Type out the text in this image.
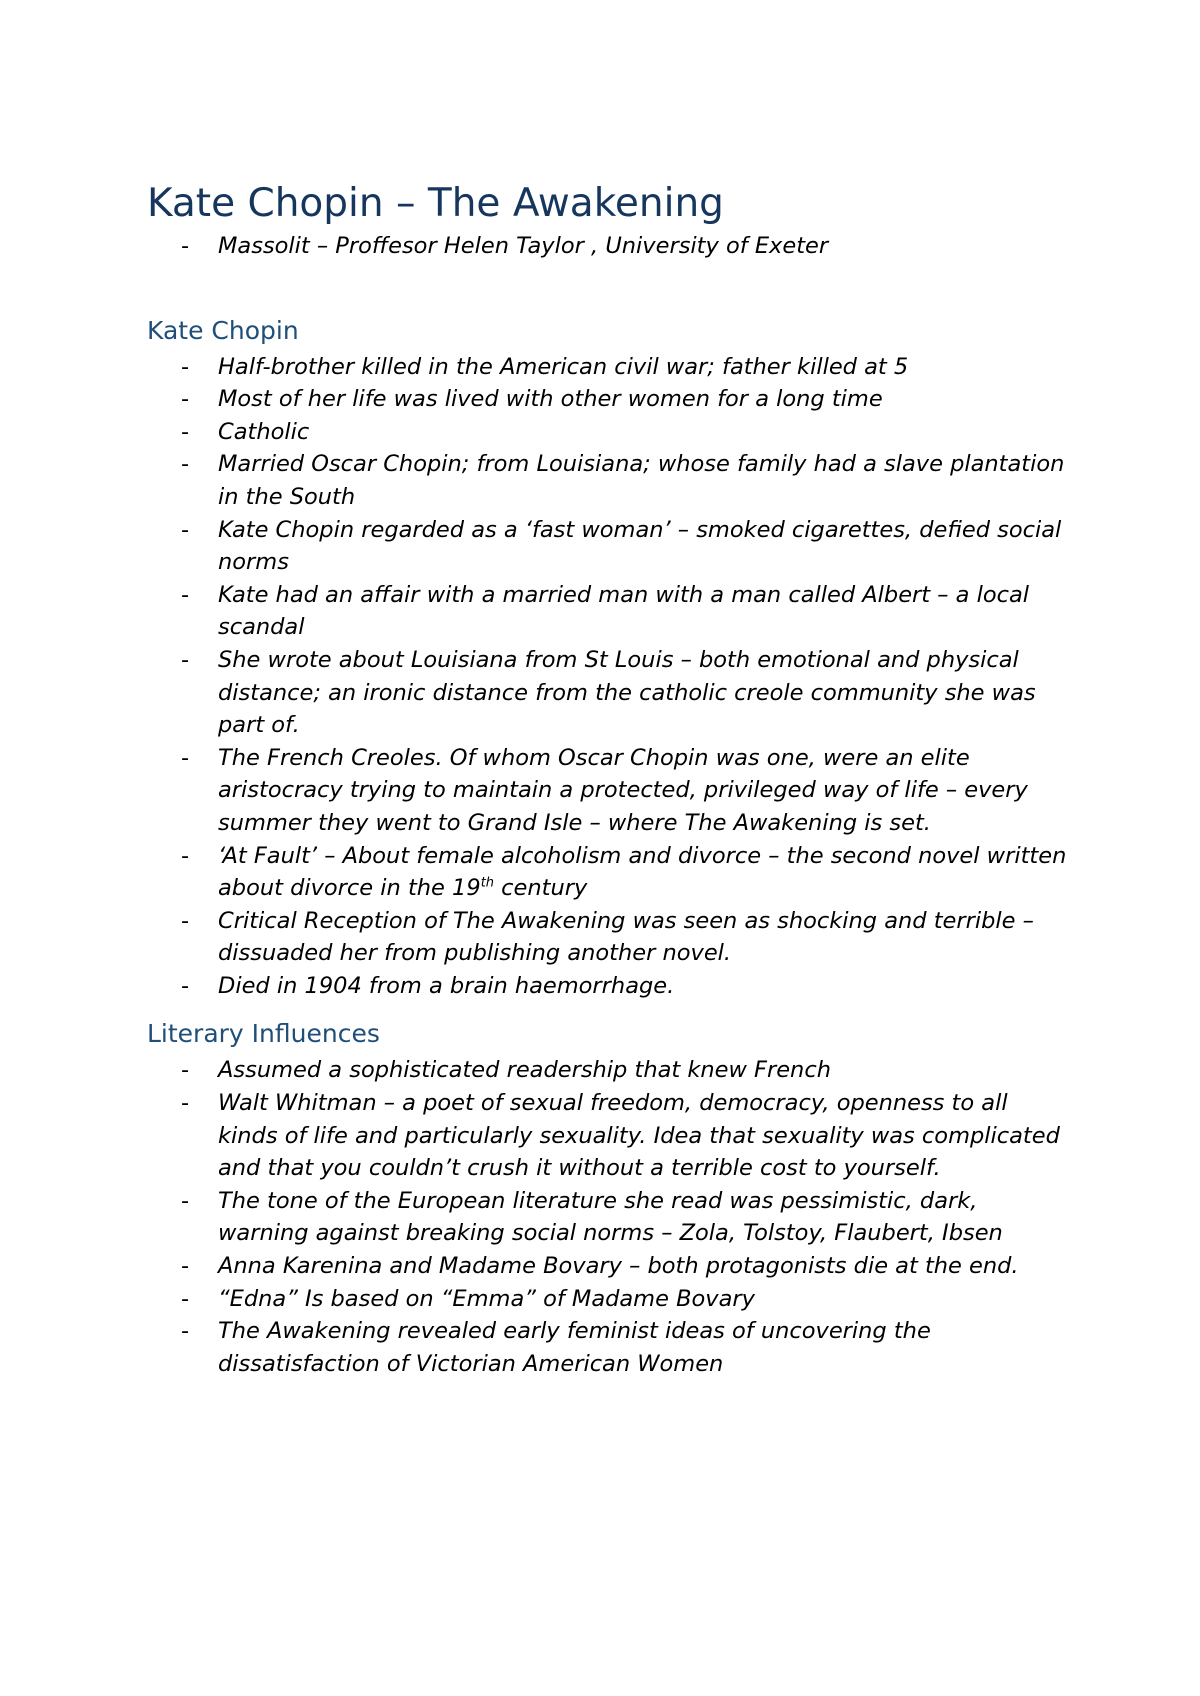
Kate Chopin – The Awakening
- Massolit – Proffesor Helen Taylor , University of Exeter
Kate Chopin
- Half-brother killed in the American civil war; father killed at 5
- Most of her life was lived with other women for a long time
- Catholic
- Married Oscar Chopin; from Louisiana; whose family had a slave plantation in the South
- Kate Chopin regarded as a ‘fast woman’ – smoked cigarettes, defied social norms
- Kate had an affair with a married man with a man called Albert – a local scandal
- She wrote about Louisiana from St Louis – both emotional and physical distance; an ironic distance from the catholic creole community she was part of.
- The French Creoles. Of whom Oscar Chopin was one, were an elite aristocracy trying to maintain a protected, privileged way of life – every summer they went to Grand Isle – where The Awakening is set.
- ‘At Fault’ – About female alcoholism and divorce – the second novel written about divorce in the 19th century
- Critical Reception of The Awakening was seen as shocking and terrible – dissuaded her from publishing another novel.
- Died in 1904 from a brain haemorrhage.
Literary Influences
- Assumed a sophisticated readership that knew French
- Walt Whitman – a poet of sexual freedom, democracy, openness to all kinds of life and particularly sexuality. Idea that sexuality was complicated and that you couldn’t crush it without a terrible cost to yourself.
- The tone of the European literature she read was pessimistic, dark, warning against breaking social norms – Zola, Tolstoy, Flaubert, Ibsen
- Anna Karenina and Madame Bovary – both protagonists die at the end.
- “Edna” Is based on “Emma” of Madame Bovary
- The Awakening revealed early feminist ideas of uncovering the dissatisfaction of Victorian American Women
